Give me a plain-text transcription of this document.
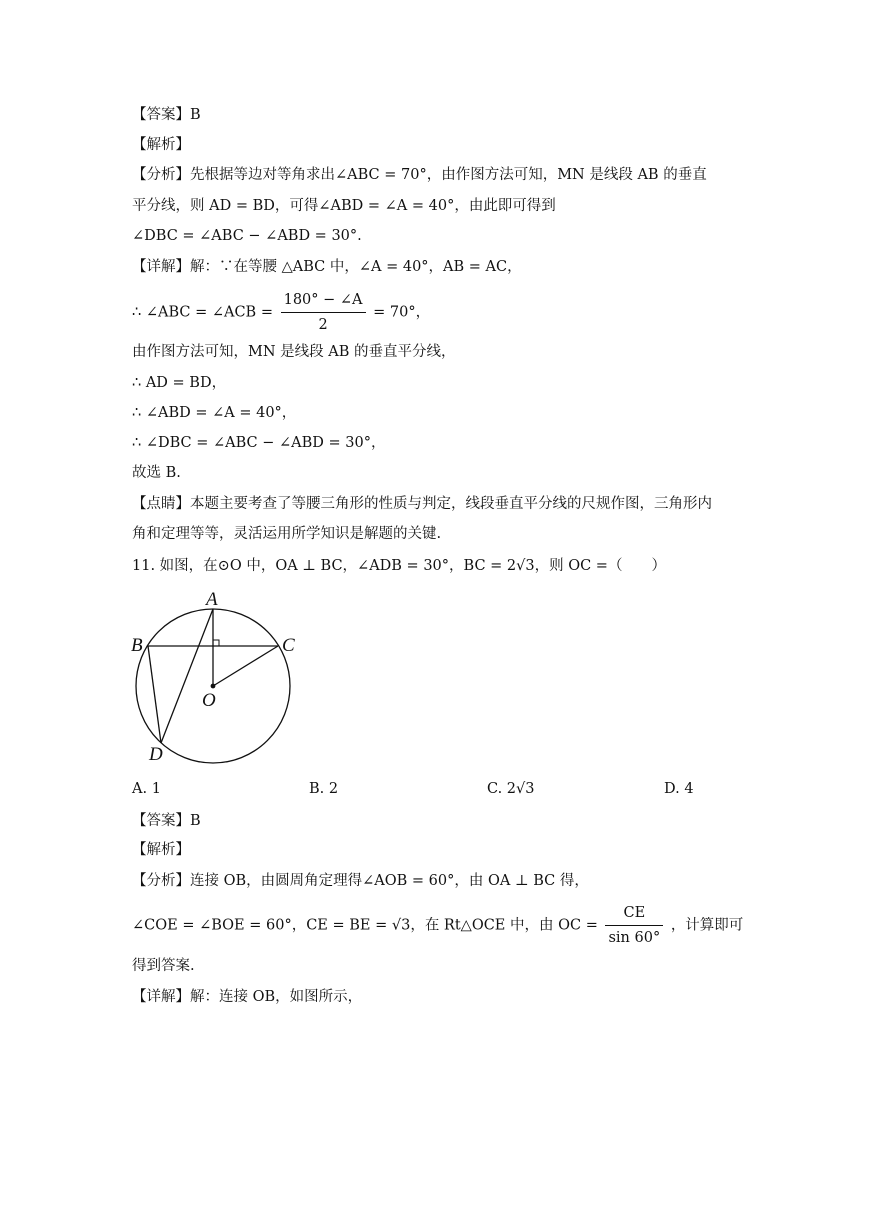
【答案】B
【解析】
【分析】先根据等边对等角求出∠ABC = 70°，由作图方法可知，MN 是线段 AB 的垂直
平分线，则 AD = BD，可得∠ABD = ∠A = 40°，由此即可得到
∠DBC = ∠ABC − ∠ABD = 30°.
【详解】解：∵在等腰 △ABC 中，∠A = 40°，AB = AC，
∴ ∠ABC = ∠ACB = $\frac{180^\circ - \angle A}{2} = 70^\circ$，
由作图方法可知，MN 是线段 AB 的垂直平分线，
∴ AD = BD，
∴ ∠ABD = ∠A = 40°，
∴ ∠DBC = ∠ABC − ∠ABD = 30°，
故选 B.
【点睛】本题主要考查了等腰三角形的性质与判定，线段垂直平分线的尺规作图，三角形内
角和定理等等，灵活运用所学知识是解题的关键.
11. 如图，在⊙O 中，OA ⊥ BC，∠ADB = 30°，BC = 2√3，则 OC =（　　）
A
B	C
O
D
A. 1	B. 2	C. 2√3	D. 4
【答案】B
【解析】
【分析】连接 OB，由圆周角定理得∠AOB = 60°，由 OA ⊥ BC 得，
∠COE = ∠BOE = 60°，CE = BE = √3，在 Rt△OCE 中，由 OC = $\frac{CE}{\sin 60^\circ}$ ，计算即可
得到答案.
【详解】解：连接 OB，如图所示，
